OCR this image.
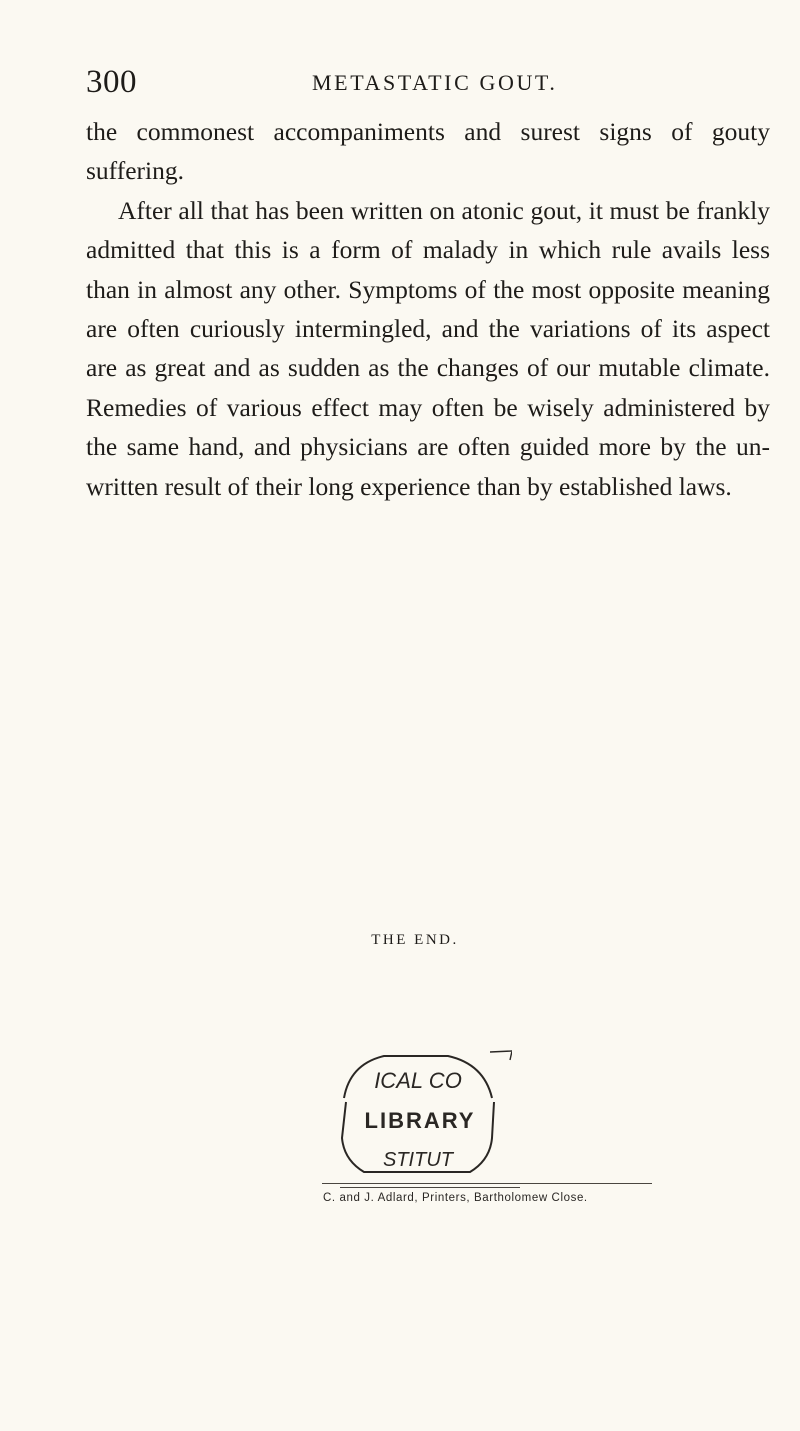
300	METASTATIC GOUT.

the commonest accompaniments and surest signs of gouty suffering.

After all that has been written on atonic gout, it must be frankly admitted that this is a form of malady in which rule avails less than in almost any other. Symptoms of the most opposite meaning are often curiously intermingled, and the variations of its aspect are as great and as sudden as the changes of our mutable climate. Remedies of various effect may often be wisely administered by the same hand, and physicians are often guided more by the un- written result of their long experience than by established laws.

THE END.
ICAL CO
LIBRARY
STITUT
C. and J. Adlard, Printers, Bartholomew Close.
